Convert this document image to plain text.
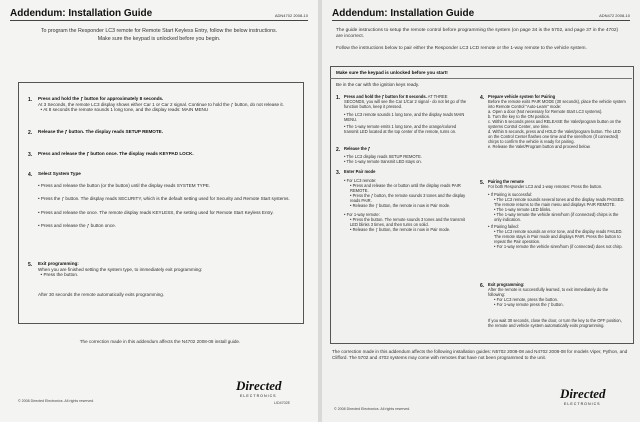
Addendum: Installation Guide	ADN4702 2008-10
To program the Responder LC3 remote for Remote Start Keyless Entry, follow the below instructions.
Make sure the keypad is unlocked before you begin.
1. Press and hold the ƒ button for approximately 8 seconds.
At 3 Seconds, the remote LC3 display shows either Car 1 or Car 2 signal. Continue to hold the ƒ button, do not release it.
• At 8 seconds the remote sounds 1 long tone, and the display reads: MAIN MENU
2. Release the ƒ button. The display reads SETUP REMOTE.
3. Press and release the ƒ button once. The display reads KEYPAD LOCK.
4. Select System Type
• Press and release the button (or the button) until the display reads SYSTEM TYPE.
• Press the ƒ button. The display reads SECURITY, which is the default setting used for Security and Remote Start systems.
• Press and release the once. The remote display reads KEYLESS, the setting used for Remote Start Keyless Entry.
• Press and release the ƒ button once.
5. Exit programming:
When you are finished setting the system type, to immediately exit programming:
• Press the button.
After 30 seconds the remote automatically exits programming.
The correction made in this addendum affects the N4702 2008-08 install guide.
Directed
ELECTRONICS
LID4702E
© 2008 Directed Electronics. All rights reserved.
Addendum: Installation Guide	ADN472 2008-10
The guide instructions to setup the remote control before programming the system (on page 34 is the 5702, and page 37 in the 4702) are incorrect.
Follow the instructions below to pair either the Responder LC3 LCD remote or the 1-way remote to the vehicle system.
Make sure the keypad is unlocked before you start!
Be in the car with the ignition keys ready.
1. Press and hold the ƒ button for 8 seconds. AT THREE SECONDS, you will see the Car 1/Car 2 signal - do not let go of the function button, keep it pressed.
• The LC3 remote sounds 1 long tone, and the display reads MAIN MENU.
• The 1-way remote emits 1 long tone, and the orange/colored transmit LED located at the top center of the remote, turns on.
2. Release the ƒ
• The LC3 display reads SETUP REMOTE.
• The 1-way remote transmit LED stays on.
3. Enter Pair mode
• For LC3 remote:
• Press and release the or button until the display reads PAIR REMOTE.
• Press the ƒ button, the remote sounds 3 tones and the display reads PAIR.
• Release the ƒ button, the remote is now in Pair mode.
• For 1-way remote:
• Press the button. The remote sounds 3 tones and the transmit LED blinks 3 times, and then turns on solid.
• Release the ƒ button, the remote is now in Pair mode.
4. Prepare vehicle system for Pairing
Before the remote exits PAIR MODE (30 seconds), place the vehicle system into Remote Control "Auto-Learn" mode:
a. Open a door (Not necessary for Remote Start LC3 systems).
b. Turn the key to the ON position.
c. Within 5 seconds press and RELEASE the Valet/program button on the systems Control Center, one time.
d. Within 5 seconds, press and HOLD the Valet/program button. The LED on the Control Center flashes one time and the siren/horn (if connected) chirps to confirm the vehicle is ready for pairing.
e. Release the Valet/Program button and proceed below.
5. Pairing the remote
For both Responder LC3 and 1-way remotes: Press the button.
• If Pairing is successful:
• The LC3 remote sounds several tones and the display reads PASSED. The remote returns to the main menu and displays PAIR REMOTE.
• The 1-way remote LED blinks.
• The 1-way remote the vehicle siren/horn (if connected) chirps is the only indication.
• If Pairing failed:
• The LC3 remote sounds an error tone, and the display reads FAILED. The remote stays in Pair mode and displays PAIR. Press the button to repeat the Pair operation.
• For 1-way remote the vehicle siren/horn (if connected) does not chirp.
6. Exit programming:
After the remote is successfully learned, to exit immediately do the following:
• For LC3 remote, press the button.
• For 1-way remote press the ƒ button.
If you wait 30 seconds, close the door, or turn the key to the OFF position, the remote and vehicle system automatically exits programming.
The correction made in this addendum affects the following installation guides: N5702 2008-08 and N4702 2008-08 for models Viper, Python, and Clifford. The 5702 and 4702 systems may come with remotes that have not been programmed to the unit.
Directed
ELECTRONICS
© 2008 Directed Electronics. All rights reserved.
